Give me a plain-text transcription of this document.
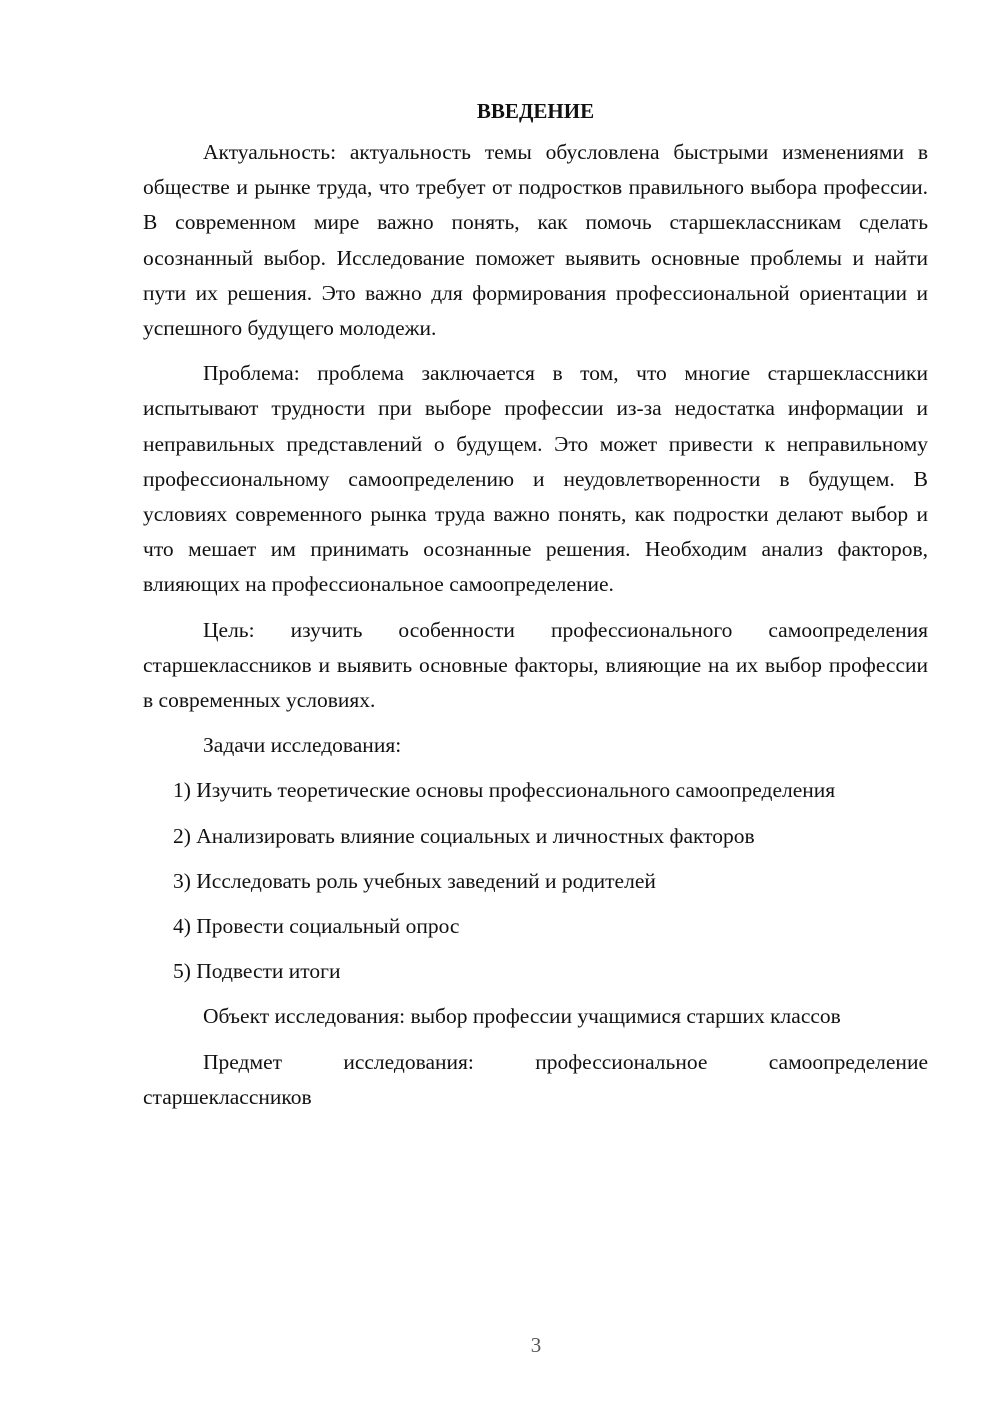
ВВЕДЕНИЕ

Актуальность: актуальность темы обусловлена быстрыми изменениями в обществе и рынке труда, что требует от подростков правильного выбора профессии. В современном мире важно понять, как помочь старшеклассникам сделать осознанный выбор. Исследование поможет выявить основные проблемы и найти пути их решения. Это важно для формирования профессиональной ориентации и успешного будущего молодежи.

Проблема: проблема заключается в том, что многие старшеклассники испытывают трудности при выборе профессии из-за недостатка информации и неправильных представлений о будущем. Это может привести к неправильному профессиональному самоопределению и неудовлетворенности в будущем. В условиях современного рынка труда важно понять, как подростки делают выбор и что мешает им принимать осознанные решения. Необходим анализ факторов, влияющих на профессиональное самоопределение.

Цель: изучить особенности профессионального самоопределения старшеклассников и выявить основные факторы, влияющие на их выбор профессии в современных условиях.

Задачи исследования:

1) Изучить теоретические основы профессионального самоопределения

2) Анализировать влияние социальных и личностных факторов

3) Исследовать роль учебных заведений и родителей

4) Провести социальный опрос

5) Подвести итоги

Объект исследования: выбор профессии учащимися старших классов

Предмет исследования: профессиональное самоопределение старшеклассников

3
